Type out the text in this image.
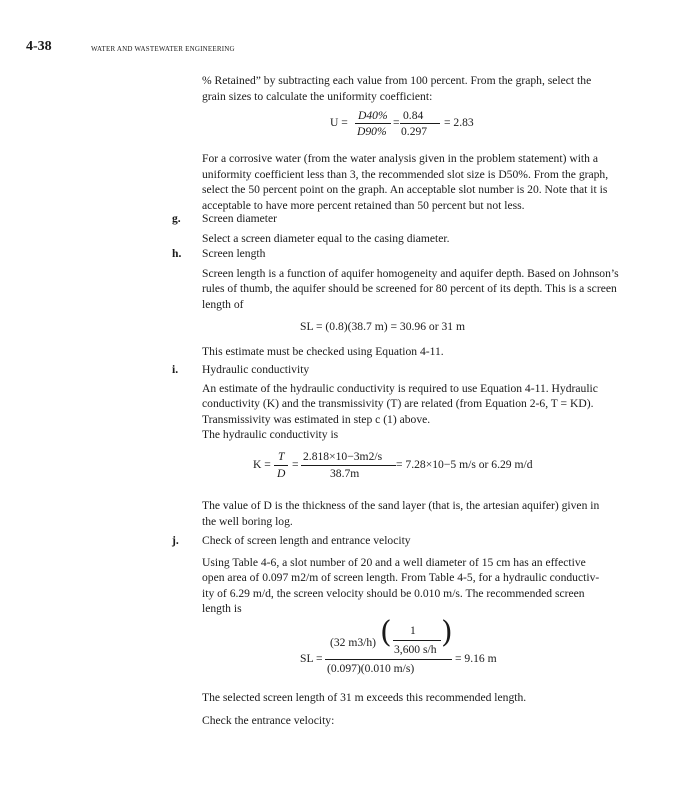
4-38	WATER AND WASTEWATER ENGINEERING
% Retained” by subtracting each value from 100 percent. From the graph, select the
grain sizes to calculate the uniformity coefficient:
U =
D40%
D90%
=
0.84
0.297
= 2.83
For a corrosive water (from the water analysis given in the problem statement) with a
uniformity coefficient less than 3, the recommended slot size is D50%. From the graph,
select the 50 percent point on the graph. An acceptable slot number is 20. Note that it is
acceptable to have more percent retained than 50 percent but not less.
g. Screen diameter
Select a screen diameter equal to the casing diameter.
h. Screen length
Screen length is a function of aquifer homogeneity and aquifer depth. Based on Johnson’s
rules of thumb, the aquifer should be screened for 80 percent of its depth. This is a screen
length of
SL = (0.8)(38.7 m) = 30.96 or 31 m
This estimate must be checked using Equation 4-11.
i. Hydraulic conductivity
An estimate of the hydraulic conductivity is required to use Equation 4-11. Hydraulic
conductivity (K) and the transmissivity (T) are related (from Equation 2-6, T = KD).
Transmissivity was estimated in step c (1) above.
The hydraulic conductivity is
K =
T
D
=
2.818×10−3m2/s
38.7m
= 7.28×10−5 m/s or 6.29 m/d
The value of D is the thickness of the sand layer (that is, the artesian aquifer) given in
the well boring log.
j. Check of screen length and entrance velocity
Using Table 4-6, a slot number of 20 and a well diameter of 15 cm has an effective
open area of 0.097 m2/m of screen length. From Table 4-5, for a hydraulic conductiv-
ity of 6.29 m/d, the screen velocity should be 0.010 m/s. The recommended screen
length is
SL =
(32 m3/h) ( 1
3,600 s/h )
(0.097)(0.010 m/s)
= 9.16 m
The selected screen length of 31 m exceeds this recommended length.
Check the entrance velocity:
